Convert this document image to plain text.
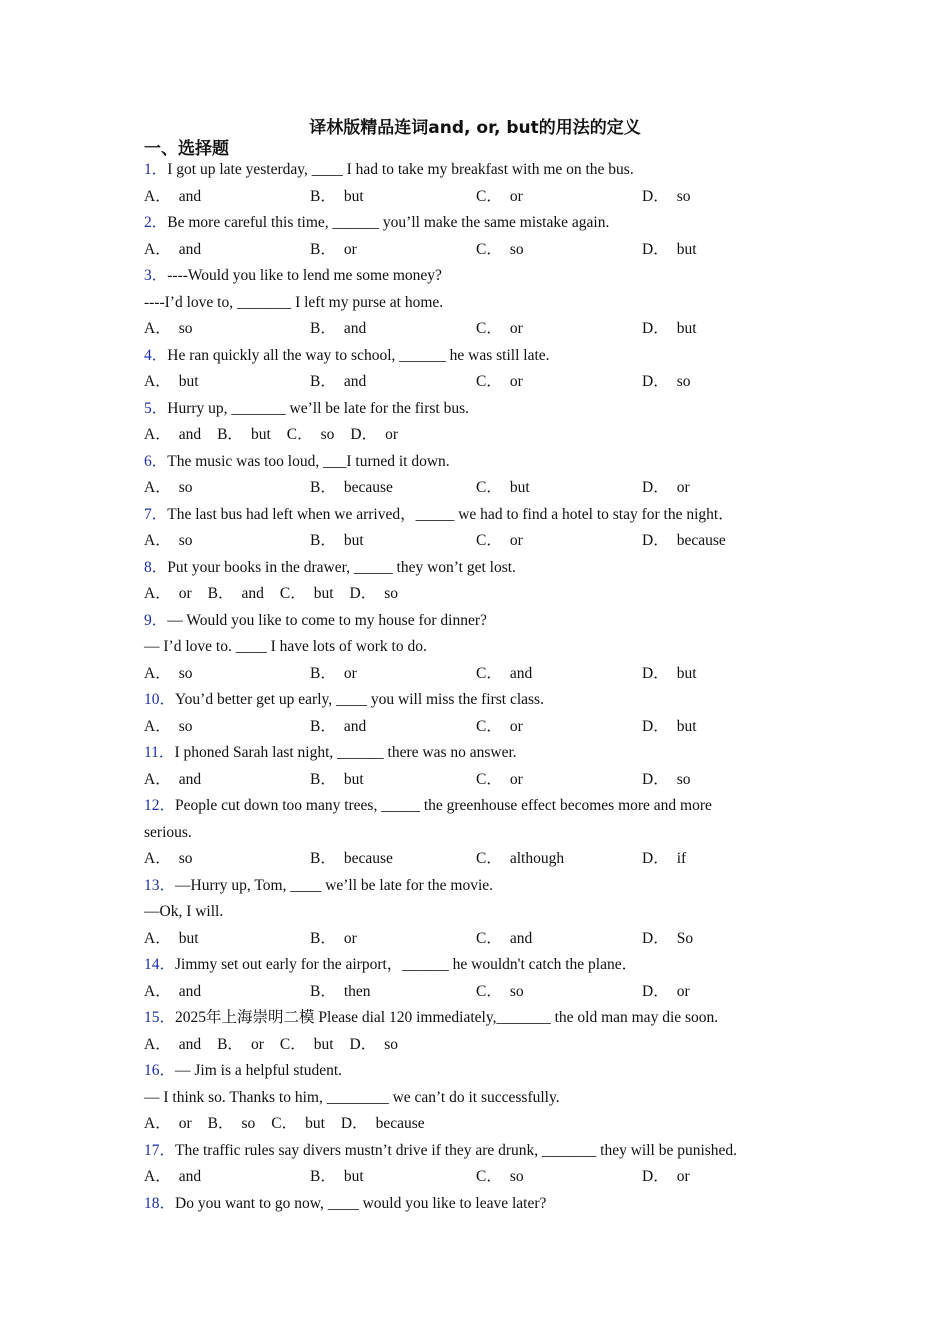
译林版精品连词and, or, but的用法的定义
一、选择题
1．I got up late yesterday, ____ I had to take my breakfast with me on the bus.
A． and	B． but	C． or	D． so
2．Be more careful this time, ______ you’ll make the same mistake again.
A． and	B． or	C． so	D． but
3．----Would you like to lend me some money?
----I’d love to, _______ I left my purse at home.
A． so	B． and	C． or	D． but
4．He ran quickly all the way to school, ______ he was still late.
A． but	B． and	C． or	D． so
5．Hurry up, _______ we’ll be late for the first bus.
A． and B． but C． so D． or
6．The music was too loud, ___I turned it down.
A． so	B． because	C． but	D． or
7．The last bus had left when we arrived，_____ we had to find a hotel to stay for the night．
A． so	B． but	C． or	D． because
8．Put your books in the drawer, _____ they won’t get lost.
A． or B． and C． but D． so
9．— Would you like to come to my house for dinner?
— I’d love to. ____ I have lots of work to do.
A． so	B． or	C． and	D． but
10．You’d better get up early, ____ you will miss the first class.
A． so	B． and	C． or	D． but
11．I phoned Sarah last night, ______ there was no answer.
A． and	B． but	C． or	D． so
12．People cut down too many trees, _____ the greenhouse effect becomes more and more
serious.
A． so	B． because	C． although	D． if
13．—Hurry up, Tom, ____ we’ll be late for the movie.
—Ok, I will.
A． but	B． or	C． and	D． So
14．Jimmy set out early for the airport，______ he wouldn't catch the plane．
A． and	B． then	C． so	D． or
15．2025年上海崇明二模 Please dial 120 immediately,_______ the old man may die soon.
A． and B． or C． but D． so
16．— Jim is a helpful student.
— I think so. Thanks to him, ________ we can’t do it successfully.
A． or B． so C． but D． because
17．The traffic rules say divers mustn’t drive if they are drunk, _______ they will be punished.
A． and	B． but	C． so	D． or
18．Do you want to go now, ____ would you like to leave later?
